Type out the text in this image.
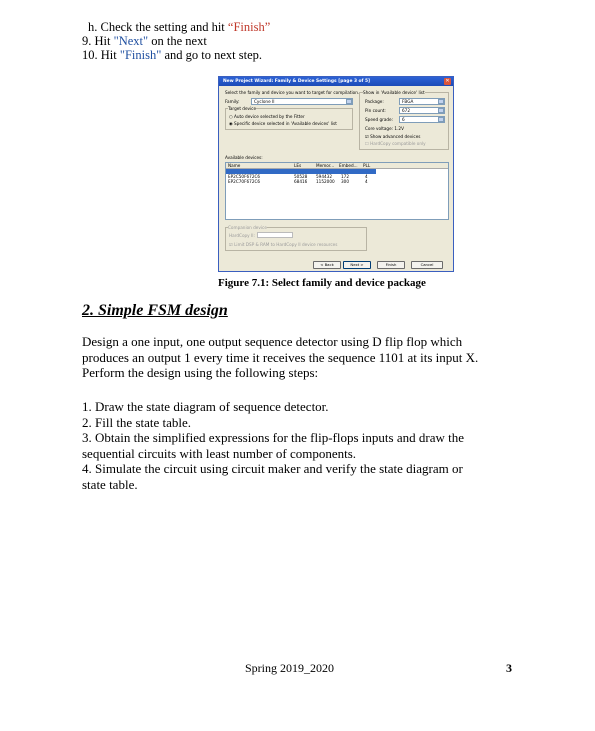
h. Check the setting and hit “Finish”
9. Hit "Next" on the next
10. Hit "Finish" and go to next step.
New Project Wizard: Family & Device Settings [page 3 of 5]	✕
Select the family and device you want to target for compilation.
Family:	Cyclone II
Target device
○ Auto device selected by the Fitter
◉ Specific device selected in 'Available devices' list
Show in 'Available device' list
Package:	FBGA
Pin count:	672
Speed grade: 6
Core voltage: 1.2V
☑ Show advanced devices
☐ HardCopy compatible only
Available devices:
Name	LEs	Memor... Embed... PLL
EP2C50F672C6	50528 594432 172	4
EP2C70F672C6	68416 1152000 300	4
Companion device
HardCopy II:
☑ Limit DSP & RAM to HardCopy II device resources
< Back	Next >	Finish	Cancel
Figure 7.1: Select family and device package
2. Simple FSM design
Design a one input, one output sequence detector using D flip flop which
produces an output 1 every time it receives the sequence 1101 at its input X.
Perform the design using the following steps:
1. Draw the state diagram of sequence detector.
2. Fill the state table.
3. Obtain the simplified expressions for the flip-flops inputs and draw the
sequential circuits with least number of components.
4. Simulate the circuit using circuit maker and verify the state diagram or
state table.
Spring 2019_2020	3
